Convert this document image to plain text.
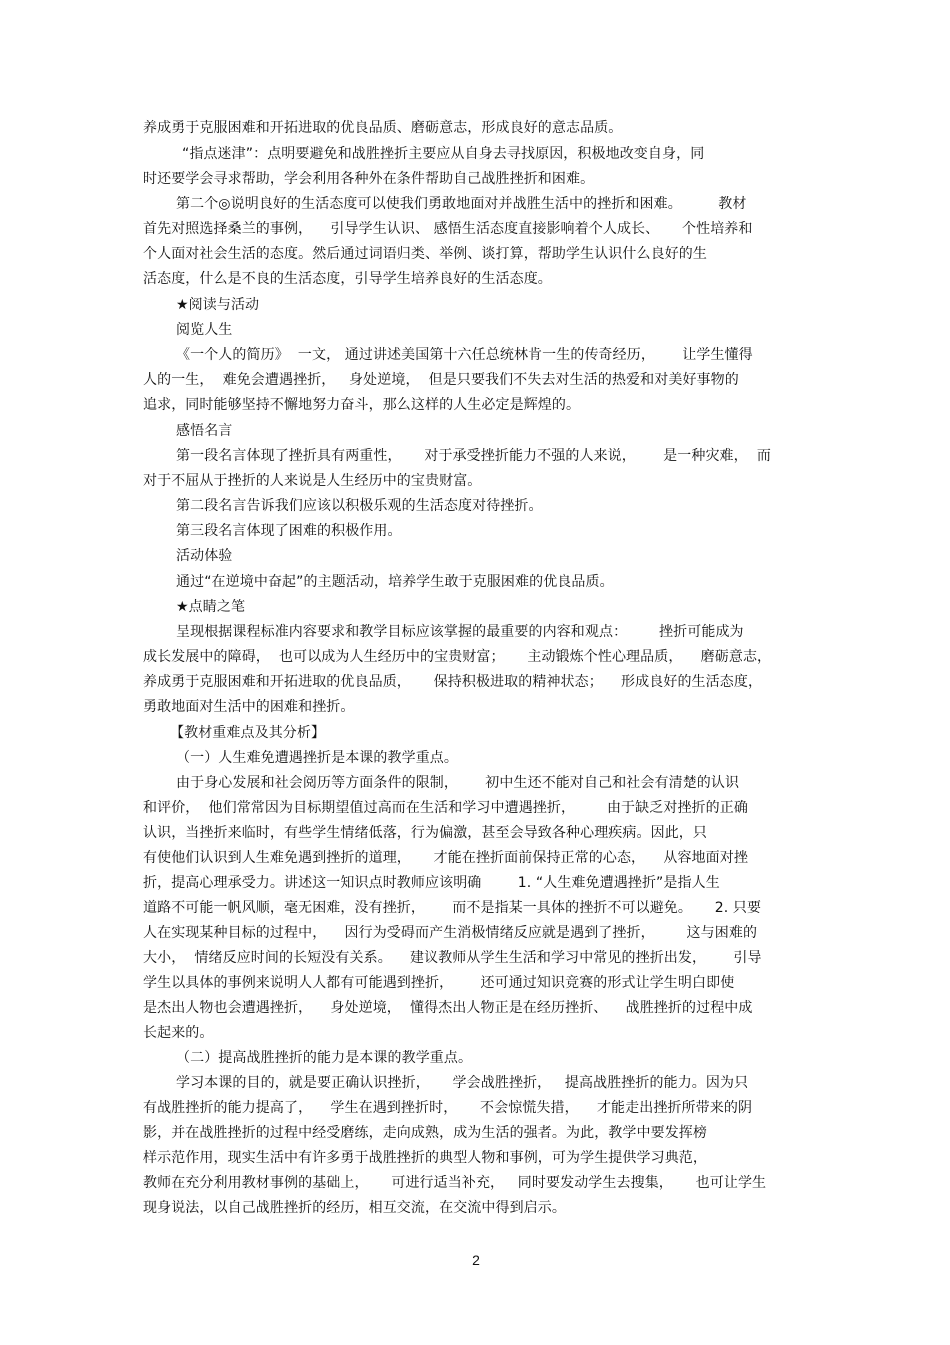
养成勇于克服困难和开拓进取的优良品质、磨砺意志，形成良好的意志品质。

“指点迷津”：点明要避免和战胜挫折主要应从自身去寻找原因，积极地改变自身，同

时还要学会寻求帮助，学会利用各种外在条件帮助自己战胜挫折和困难。

第二个◎说明良好的生活态度可以使我们勇敢地面对并战胜生活中的挫折和困难。        教材

首先对照选择桑兰的事例，    引导学生认识、 感悟生活态度直接影响着个人成长、     个性培养和

个人面对社会生活的态度。然后通过词语归类、举例、谈打算，帮助学生认识什么良好的生

活态度，什么是不良的生活态度，引导学生培养良好的生活态度。

★阅读与活动

阅览人生

《一个人的简历》  一文， 通过讲述美国第十六任总统林肯一生的传奇经历，      让学生懂得

人的一生，  难免会遭遇挫折，   身处逆境，  但是只要我们不失去对生活的热爱和对美好事物的

追求，同时能够坚持不懈地努力奋斗，那么这样的人生必定是辉煌的。

感悟名言

第一段名言体现了挫折具有两重性，     对于承受挫折能力不强的人来说，      是一种灾难，  而

对于不屈从于挫折的人来说是人生经历中的宝贵财富。

第二段名言告诉我们应该以积极乐观的生活态度对待挫折。

第三段名言体现了困难的积极作用。

活动体验

通过“在逆境中奋起”的主题活动，培养学生敢于克服困难的优良品质。

★点睛之笔

呈现根据课程标准内容要求和教学目标应该掌握的最重要的内容和观点：       挫折可能成为

成长发展中的障碍，  也可以成为人生经历中的宝贵财富；     主动锻炼个性心理品质，    磨砺意志，

养成勇于克服困难和开拓进取的优良品质，     保持积极进取的精神状态；    形成良好的生活态度，

勇敢地面对生活中的困难和挫折。

【教材重难点及其分析】

（一）人生难免遭遇挫折是本课的教学重点。

由于身心发展和社会阅历等方面条件的限制，      初中生还不能对自己和社会有清楚的认识

和评价，  他们常常因为目标期望值过高而在生活和学习中遭遇挫折，       由于缺乏对挫折的正确

认识，当挫折来临时，有些学生情绪低落，行为偏激，甚至会导致各种心理疾病。因此，只

有使他们认识到人生难免遇到挫折的道理，     才能在挫折面前保持正常的心态，    从容地面对挫

折，提高心理承受力。讲述这一知识点时教师应该明确        1. “人生难免遭遇挫折”是指人生

道路不可能一帆风顺，毫无困难，没有挫折，      而不是指某一具体的挫折不可以避免。     2. 只要

人在实现某种目标的过程中，    因行为受碍而产生消极情绪反应就是遇到了挫折，       这与困难的

大小，  情绪反应时间的长短没有关系。    建议教师从学生生活和学习中常见的挫折出发，      引导

学生以具体的事例来说明人人都有可能遇到挫折，      还可通过知识竞赛的形式让学生明白即使

是杰出人物也会遭遇挫折，    身处逆境，  懂得杰出人物正是在经历挫折、    战胜挫折的过程中成

长起来的。

（二）提高战胜挫折的能力是本课的教学重点。

学习本课的目的，就是要正确认识挫折，     学会战胜挫折，   提高战胜挫折的能力。因为只

有战胜挫折的能力提高了，    学生在遇到挫折时，     不会惊慌失措，    才能走出挫折所带来的阴

影，并在战胜挫折的过程中经受磨练，走向成熟，成为生活的强者。为此，教学中要发挥榜

样示范作用，现实生活中有许多勇于战胜挫折的典型人物和事例，可为学生提供学习典范，

教师在充分利用教材事例的基础上，     可进行适当补充，   同时要发动学生去搜集，     也可让学生

现身说法，以自己战胜挫折的经历，相互交流，在交流中得到启示。

2
